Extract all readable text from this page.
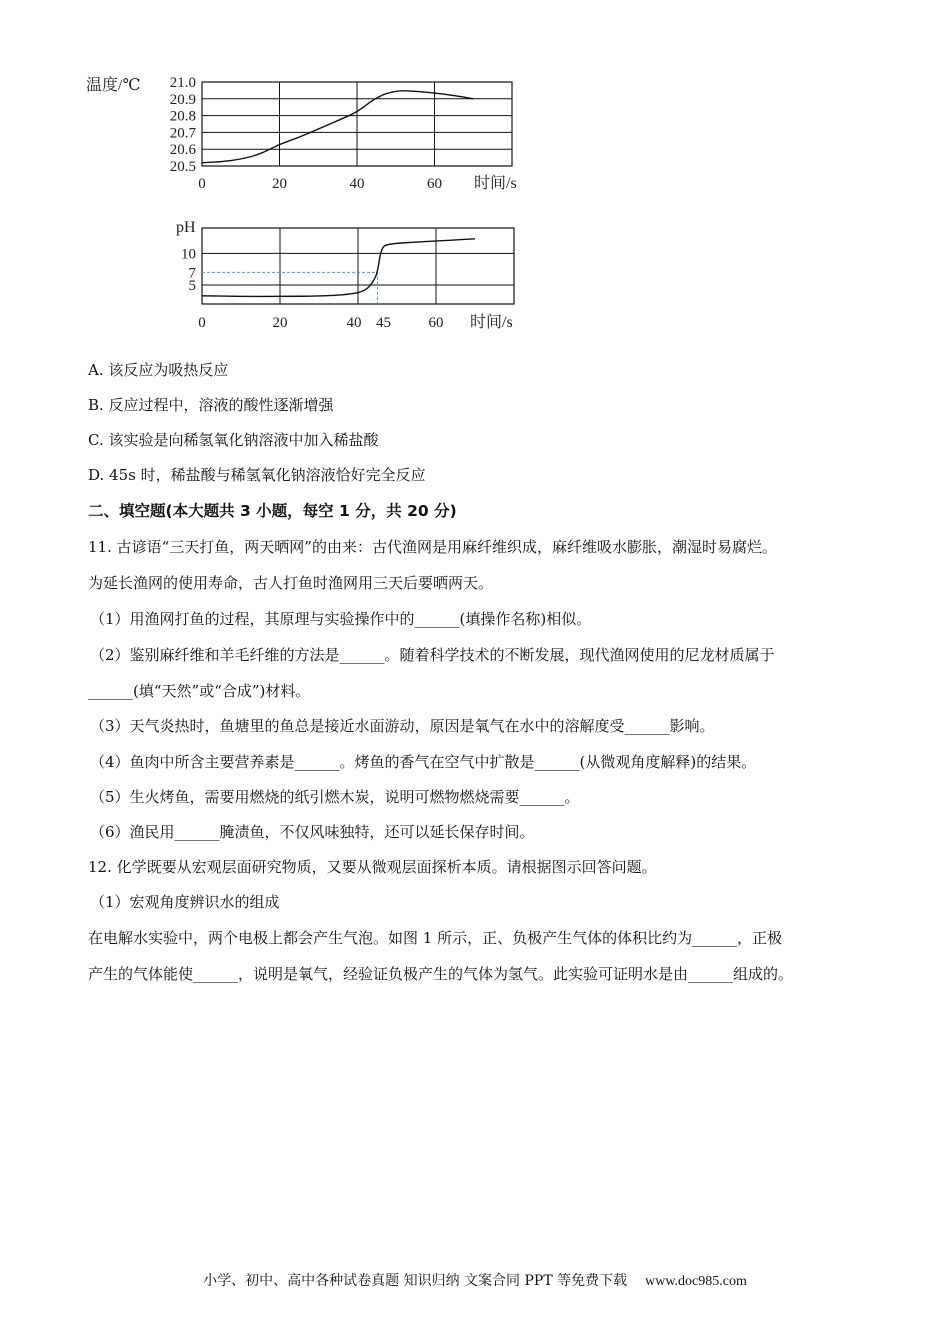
21.0
20.9
20.8
20.7
20.6
20.5
0	20	40	60
温度/℃
时间/s
10
7
5
0	20	40 45	60
pH
时间/s
A. 该反应为吸热反应
B. 反应过程中，溶液的酸性逐渐增强
C. 该实验是向稀氢氧化钠溶液中加入稀盐酸
D. 45s 时，稀盐酸与稀氢氧化钠溶液恰好完全反应
二、填空题(本大题共 3 小题，每空 1 分，共 20 分)
11. 古谚语“三天打鱼，两天晒网”的由来：古代渔网是用麻纤维织成，麻纤维吸水膨胀，潮湿时易腐烂。
为延长渔网的使用寿命，古人打鱼时渔网用三天后要晒两天。
（1）用渔网打鱼的过程，其原理与实验操作中的______(填操作名称)相似。
（2）鉴别麻纤维和羊毛纤维的方法是______。随着科学技术的不断发展，现代渔网使用的尼龙材质属于
______(填“天然”或“合成”)材料。
（3）天气炎热时，鱼塘里的鱼总是接近水面游动，原因是氧气在水中的溶解度受______影响。
（4）鱼肉中所含主要营养素是______。烤鱼的香气在空气中扩散是______(从微观角度解释)的结果。
（5）生火烤鱼，需要用燃烧的纸引燃木炭，说明可燃物燃烧需要______。
（6）渔民用______腌渍鱼，不仅风味独特，还可以延长保存时间。
12. 化学既要从宏观层面研究物质，又要从微观层面探析本质。请根据图示回答问题。
（1）宏观角度辨识水的组成
在电解水实验中，两个电极上都会产生气泡。如图 1 所示，正、负极产生气体的体积比约为______，正极
产生的气体能使______，说明是氧气，经验证负极产生的气体为氢气。此实验可证明水是由______组成的。
小学、初中、高中各种试卷真题 知识归纳 文案合同 PPT 等免费下载 www.doc985.com
